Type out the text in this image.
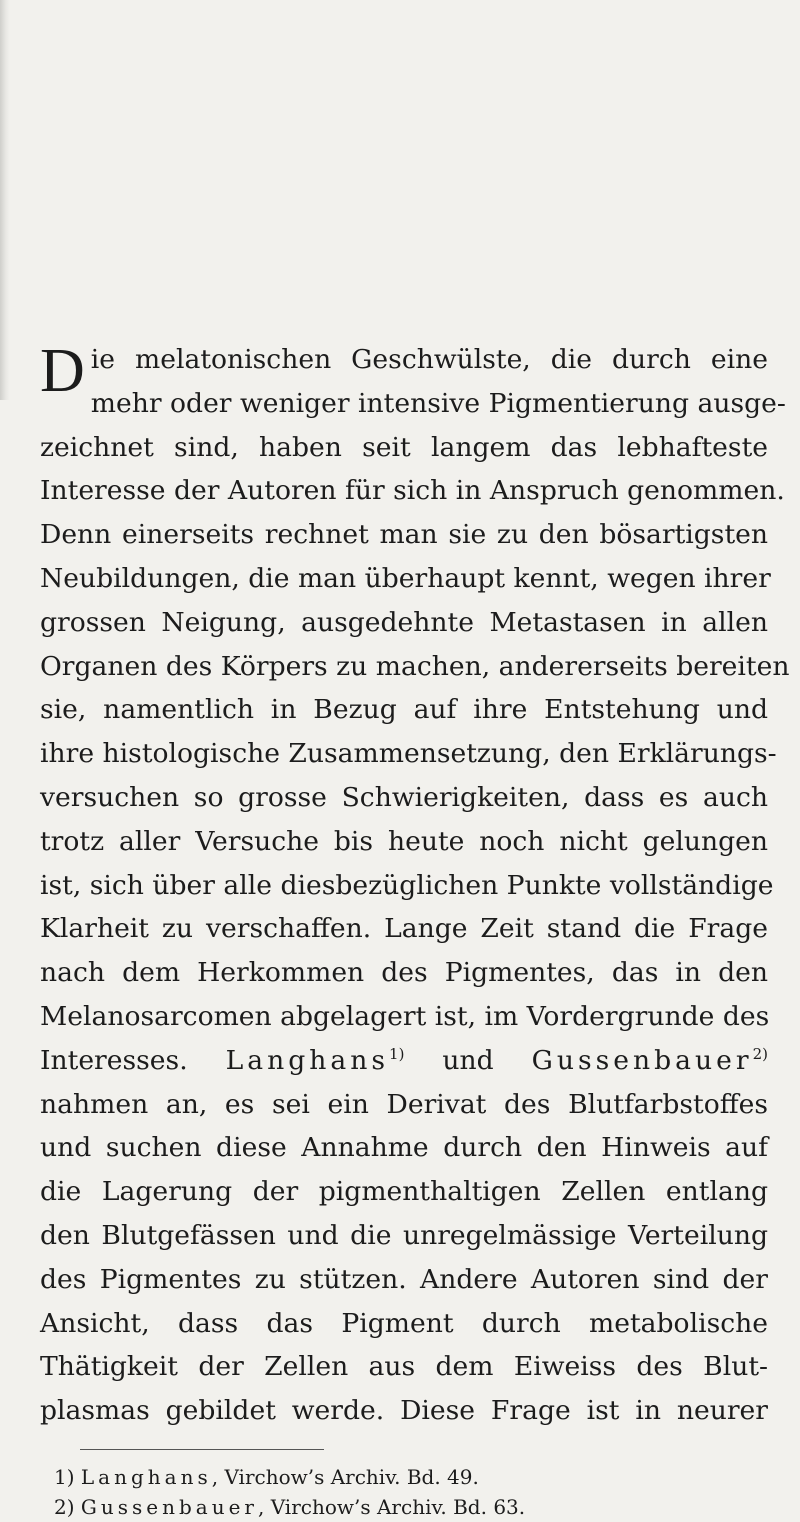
D ie melatonischen Geschwülste, die durch eine
mehr oder weniger intensive Pigmentierung ausge-
zeichnet sind, haben seit langem das lebhafteste
Interesse der Autoren für sich in Anspruch genommen.
Denn einerseits rechnet man sie zu den bösartigsten
Neubildungen, die man überhaupt kennt, wegen ihrer
grossen Neigung, ausgedehnte Metastasen in allen
Organen des Körpers zu machen, andererseits bereiten
sie, namentlich in Bezug auf ihre Entstehung und
ihre histologische Zusammensetzung, den Erklärungs-
versuchen so grosse Schwierigkeiten, dass es auch
trotz aller Versuche bis heute noch nicht gelungen
ist, sich über alle diesbezüglichen Punkte vollständige
Klarheit zu verschaffen. Lange Zeit stand die Frage
nach dem Herkommen des Pigmentes, das in den
Melanosarcomen abgelagert ist, im Vordergrunde des
Interesses. Langhans$^{1)}$ und Gussenbauer$^{2)}$
nahmen an, es sei ein Derivat des Blutfarbstoffes
und suchen diese Annahme durch den Hinweis auf
die Lagerung der pigmenthaltigen Zellen entlang
den Blutgefässen und die unregelmässige Verteilung
des Pigmentes zu stützen. Andere Autoren sind der
Ansicht, dass das Pigment durch metabolische
Thätigkeit der Zellen aus dem Eiweiss des Blut-
plasmas gebildet werde. Diese Frage ist in neurer
1) Langhans, Virchow’s Archiv. Bd. 49.
2) Gussenbauer, Virchow’s Archiv. Bd. 63.
